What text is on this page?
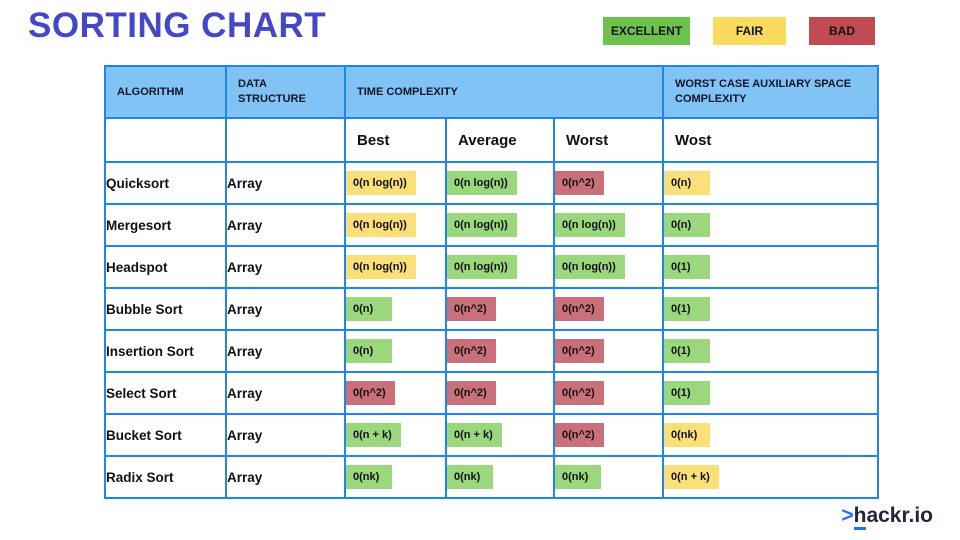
SORTING CHART	EXCELLENT	FAIR	BAD
ALGORITHM	DATA STRUCTURE	TIME COMPLEXITY			WORST CASE AUXILIARY SPACE COMPLEXITY
		Best	Average	Worst	Wost
Quicksort	Array	0(n log(n))	0(n log(n))	0(n^2)	0(n)
Mergesort	Array	0(n log(n))	0(n log(n))	0(n log(n))	0(n)
Headspot	Array	0(n log(n))	0(n log(n))	0(n log(n))	0(1)
Bubble Sort	Array	0(n)	0(n^2)	0(n^2)	0(1)
Insertion Sort	Array	0(n)	0(n^2)	0(n^2)	0(1)
Select Sort	Array	0(n^2)	0(n^2)	0(n^2)	0(1)
Bucket Sort	Array	0(n + k)	0(n + k)	0(n^2)	0(nk)
Radix Sort	Array	0(nk)	0(nk)	0(nk)	0(n + k)
>hackr.io
